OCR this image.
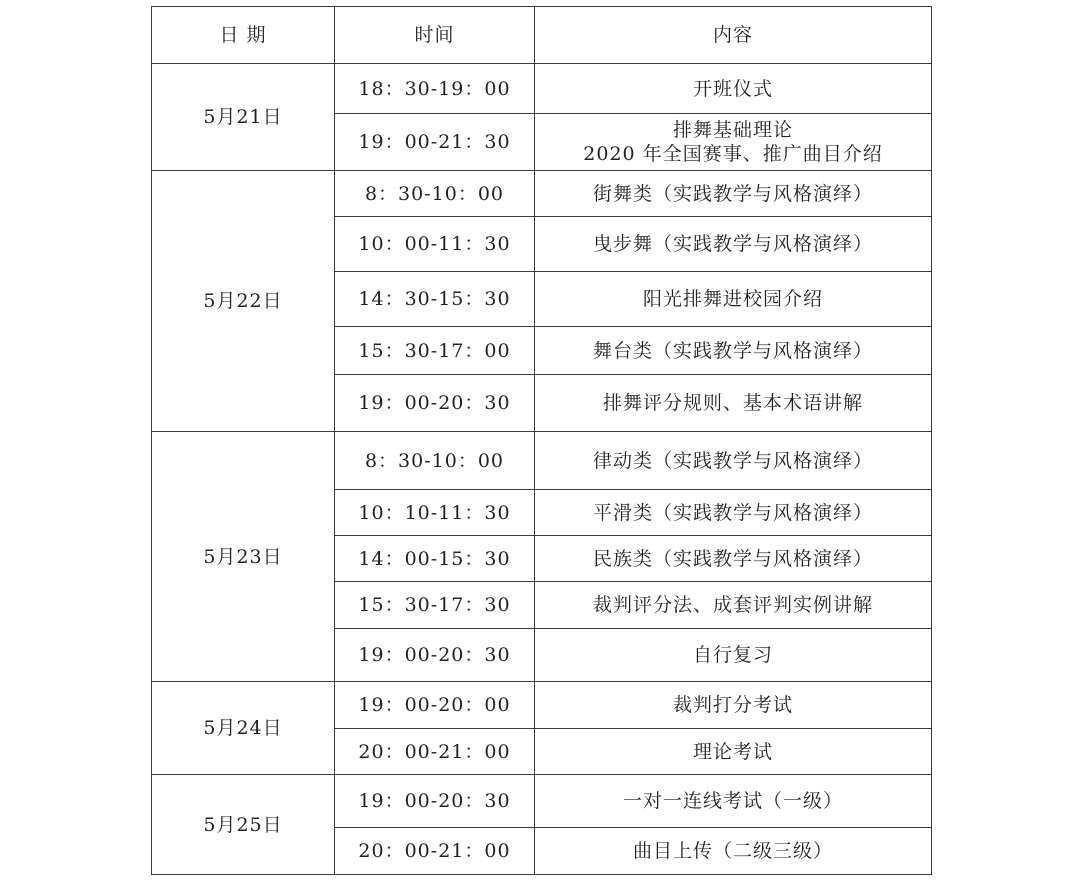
日 期	时间	内容
5月21日	18：30-19：00	开班仪式

	19：00-21：30	排舞基础理论
2020 年全国赛事、推广曲目介绍

5月22日	8：30-10：00	街舞类（实践教学与风格演绎）

	10：00-11：30	曳步舞（实践教学与风格演绎）

	14：30-15：30	阳光排舞进校园介绍

	15：30-17：00	舞台类（实践教学与风格演绎）

	19：00-20：30	排舞评分规则、基本术语讲解

5月23日	8：30-10：00	律动类（实践教学与风格演绎）

	10：10-11：30	平滑类（实践教学与风格演绎）

	14：00-15：30	民族类（实践教学与风格演绎）

	15：30-17：30	裁判评分法、成套评判实例讲解

	19：00-20：30	自行复习

5月24日	19：00-20：00	裁判打分考试

	20：00-21：00	理论考试

5月25日	19：00-20：30	一对一连线考试（一级）

	20：00-21：00	曲目上传（二级三级）
